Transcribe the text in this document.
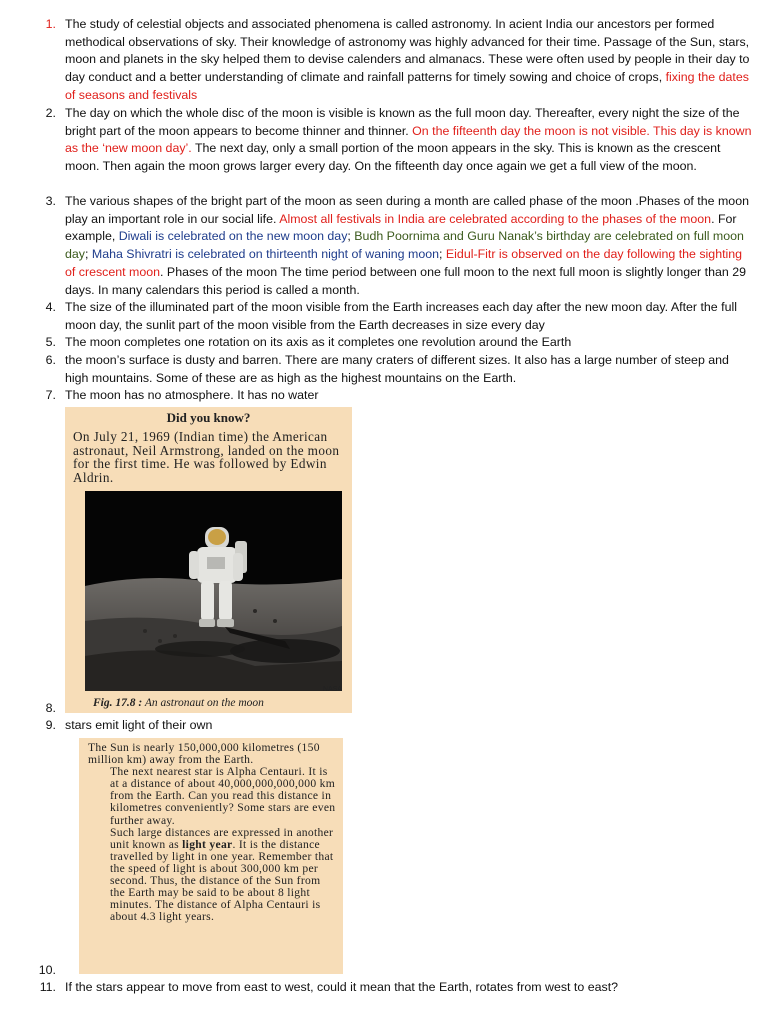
1. The study of celestial objects and associated phenomena is called astronomy. In acient India our ancestors per formed methodical observations of sky. Their knowledge of astronomy was highly advanced for their time. Passage of the Sun, stars, moon and planets in the sky helped them to devise calenders and almanacs. These were often used by people in their day to day conduct and a better understanding of climate and rainfall patterns for timely sowing and choice of crops, fixing the dates of seasons and festivals
2. The day on which the whole disc of the moon is visible is known as the full moon day. Thereafter, every night the size of the bright part of the moon appears to become thinner and thinner. On the fifteenth day the moon is not visible. This day is known as the ‘new moon day’. The next day, only a small portion of the moon appears in the sky. This is known as the crescent moon. Then again the moon grows larger every day. On the fifteenth day once again we get a full view of the moon.
3. The various shapes of the bright part of the moon as seen during a month are called phase of the moon .Phases of the moon play an important role in our social life. Almost all festivals in India are celebrated according to the phases of the moon. For example, Diwali is celebrated on the new moon day; Budh Poornima and Guru Nanak’s birthday are celebrated on full moon day; Maha Shivratri is celebrated on thirteenth night of waning moon; Eidul-Fitr is observed on the day following the sighting of crescent moon. Phases of the moon The time period between one full moon to the next full moon is slightly longer than 29 days. In many calendars this period is called a month.
4. The size of the illuminated part of the moon visible from the Earth increases each day after the new moon day. After the full moon day, the sunlit part of the moon visible from the Earth decreases in size every day
5. The moon completes one rotation on its axis as it completes one revolution around the Earth
6. the moon’s surface is dusty and barren. There are many craters of different sizes. It also has a large number of steep and high mountains. Some of these are as high as the highest mountains on the Earth.
7. The moon has no atmosphere. It has no water
Did you know?
On July 21, 1969 (Indian time) the American astronaut, Neil Armstrong, landed on the moon for the first time. He was followed by Edwin Aldrin.
NASA
Fig. 17.8 : An astronaut on the moon
8.
9. stars emit light of their own

The Sun is nearly 150,000,000 kilometres (150 million km) away from the Earth.

The next nearest star is Alpha Centauri. It is at a distance of about 40,000,000,000,000 km from the Earth. Can you read this distance in kilometres conveniently? Some stars are even further away.

Such large distances are expressed in another unit known as light year. It is the distance travelled by light in one year. Remember that the speed of light is about 300,000 km per second. Thus, the distance of the Sun from the Earth may be said to be about 8 light minutes. The distance of Alpha Centauri is about 4.3 light years.

10.
11. If the stars appear to move from east to west, could it mean that the Earth, rotates from west to east?
